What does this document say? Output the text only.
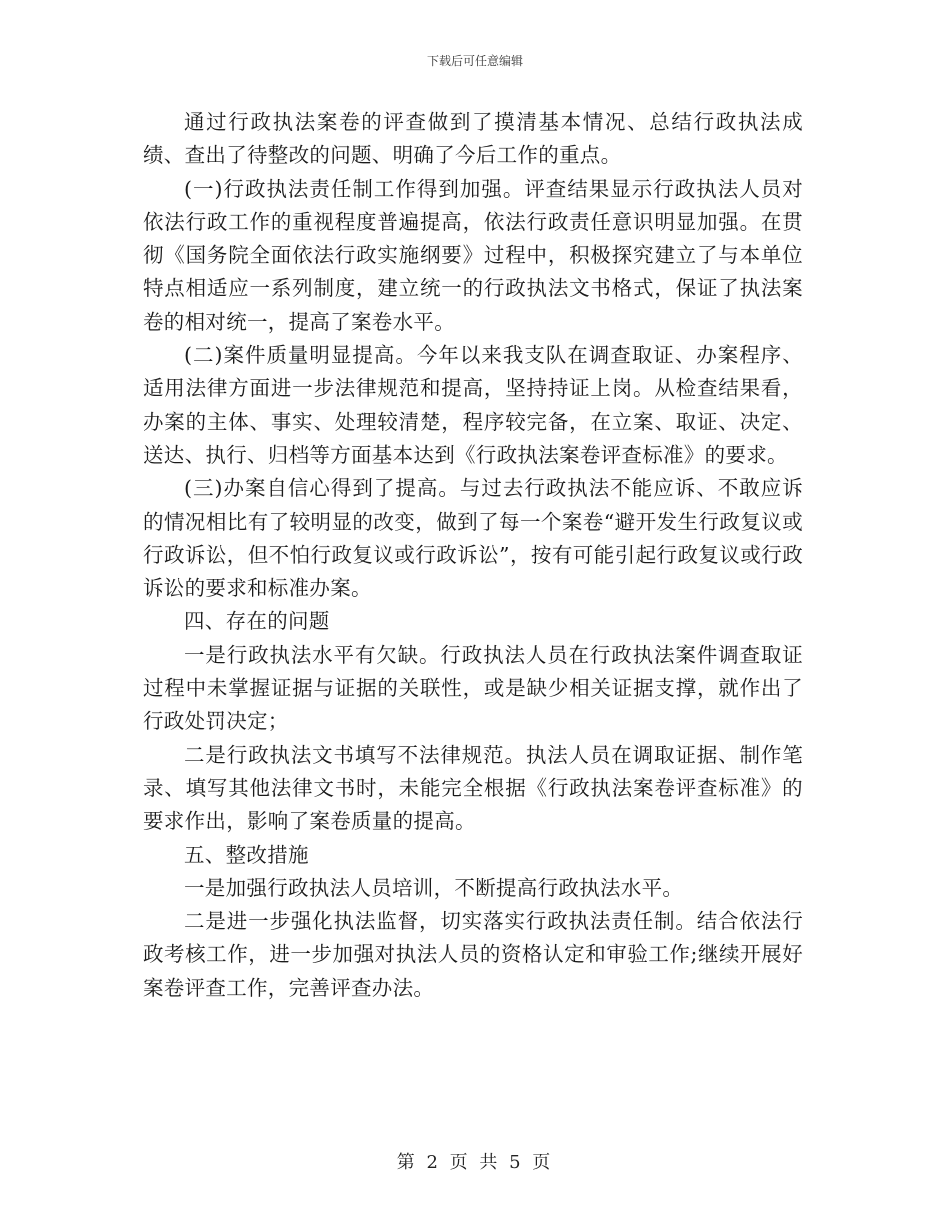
下载后可任意编辑

通过行政执法案卷的评查做到了摸清基本情况、总结行政执法成绩、查出了待整改的问题、明确了今后工作的重点。

(一)行政执法责任制工作得到加强。评查结果显示行政执法人员对依法行政工作的重视程度普遍提高，依法行政责任意识明显加强。在贯彻《国务院全面依法行政实施纲要》过程中，积极探究建立了与本单位特点相适应一系列制度，建立统一的行政执法文书格式，保证了执法案卷的相对统一，提高了案卷水平。

(二)案件质量明显提高。今年以来我支队在调查取证、办案程序、适用法律方面进一步法律规范和提高，坚持持证上岗。从检查结果看，办案的主体、事实、处理较清楚，程序较完备，在立案、取证、决定、送达、执行、归档等方面基本达到《行政执法案卷评查标准》的要求。

(三)办案自信心得到了提高。与过去行政执法不能应诉、不敢应诉的情况相比有了较明显的改变，做到了每一个案卷“避开发生行政复议或行政诉讼，但不怕行政复议或行政诉讼”，按有可能引起行政复议或行政诉讼的要求和标准办案。

四、存在的问题

一是行政执法水平有欠缺。行政执法人员在行政执法案件调查取证过程中未掌握证据与证据的关联性，或是缺少相关证据支撑，就作出了行政处罚决定；

二是行政执法文书填写不法律规范。执法人员在调取证据、制作笔录、填写其他法律文书时，未能完全根据《行政执法案卷评查标准》的要求作出，影响了案卷质量的提高。

五、整改措施

一是加强行政执法人员培训，不断提高行政执法水平。

二是进一步强化执法监督，切实落实行政执法责任制。结合依法行政考核工作，进一步加强对执法人员的资格认定和审验工作;继续开展好案卷评查工作，完善评查办法。

第 2 页 共 5 页
